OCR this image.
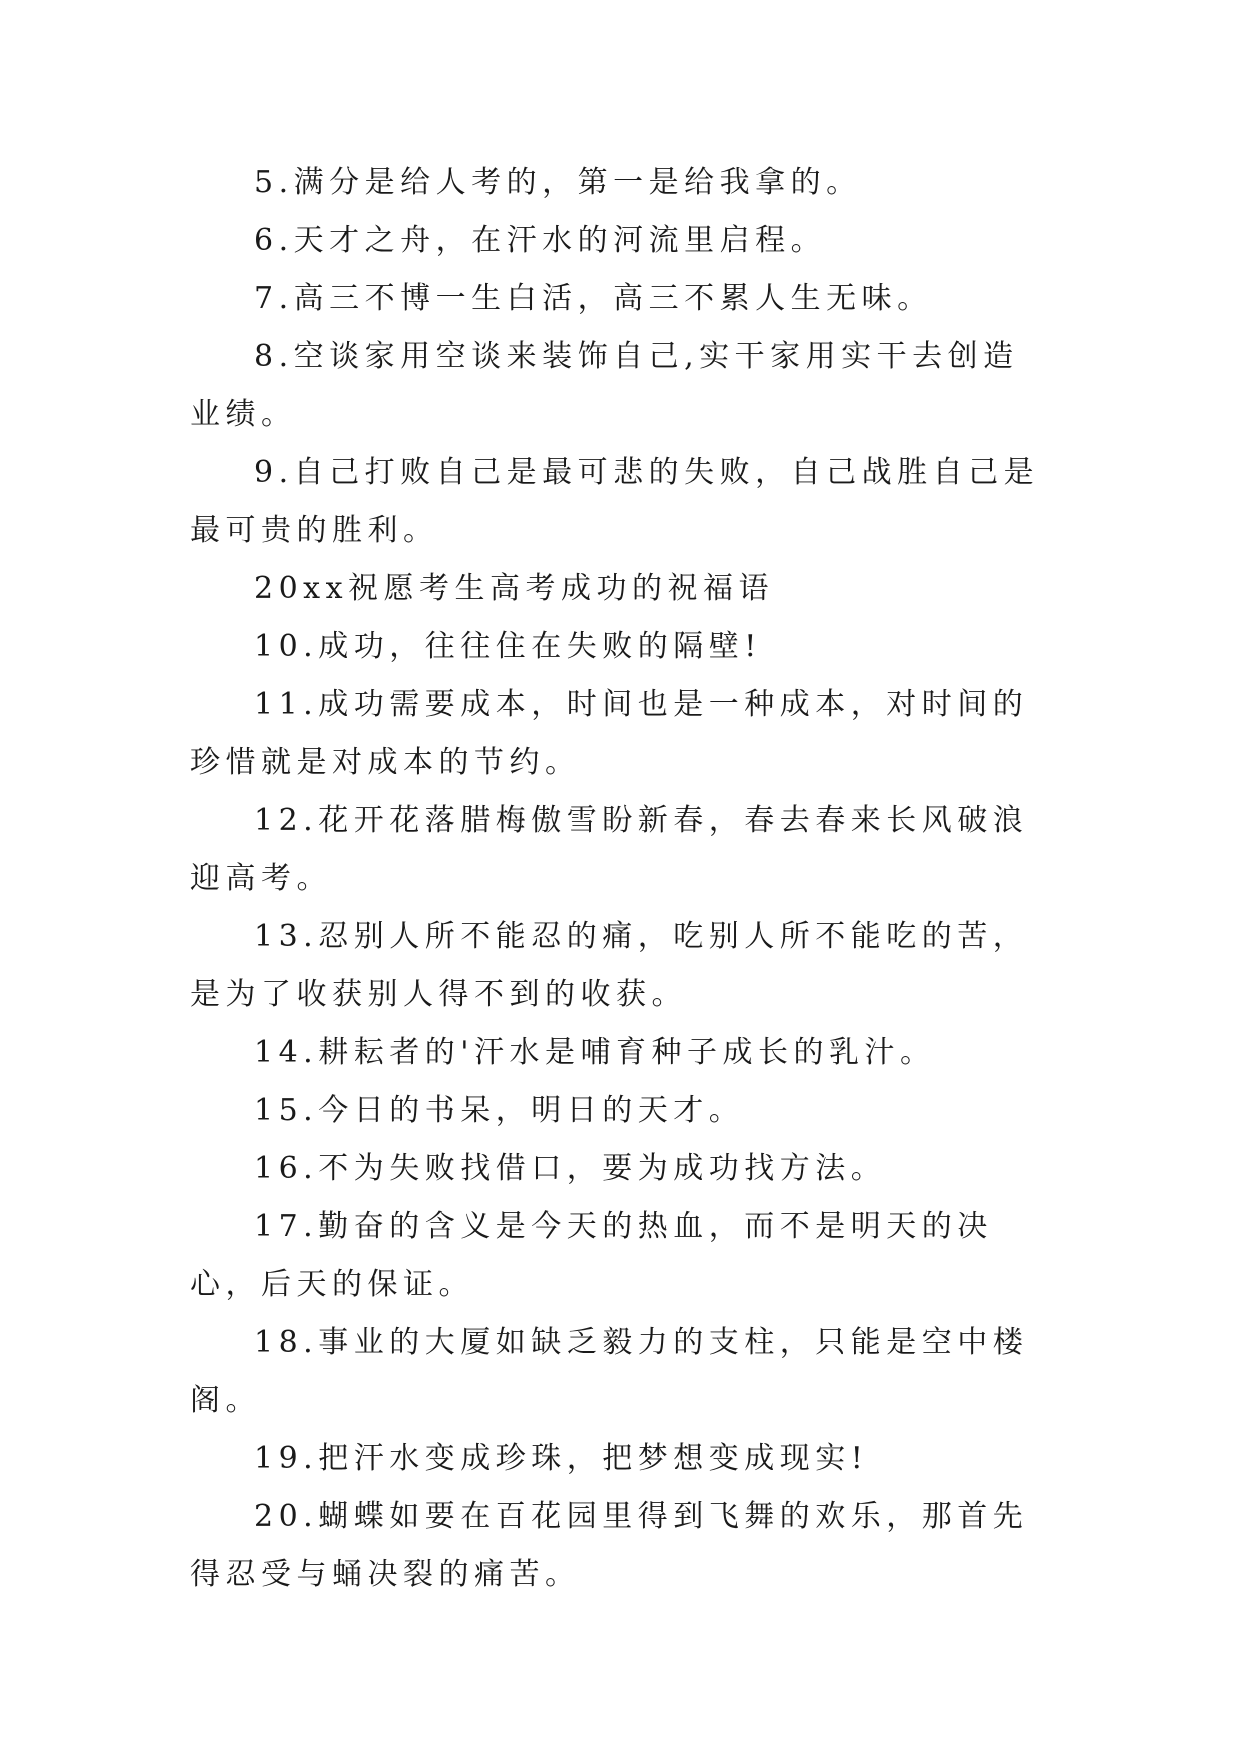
5.满分是给人考的，第一是给我拿的。

6.天才之舟，在汗水的河流里启程。

7.高三不博一生白活，高三不累人生无味。

8.空谈家用空谈来装饰自己,实干家用实干去创造业绩。

9.自己打败自己是最可悲的失败，自己战胜自己是最可贵的胜利。

20xx祝愿考生高考成功的祝福语

10.成功，往往住在失败的隔壁!

11.成功需要成本，时间也是一种成本，对时间的珍惜就是对成本的节约。

12.花开花落腊梅傲雪盼新春，春去春来长风破浪迎高考。

13.忍别人所不能忍的痛，吃别人所不能吃的苦，是为了收获别人得不到的收获。

14.耕耘者的'汗水是哺育种子成长的乳汁。

15.今日的书呆，明日的天才。

16.不为失败找借口，要为成功找方法。

17.勤奋的含义是今天的热血，而不是明天的决心，后天的保证。

18.事业的大厦如缺乏毅力的支柱，只能是空中楼阁。

19.把汗水变成珍珠，把梦想变成现实!

20.蝴蝶如要在百花园里得到飞舞的欢乐，那首先得忍受与蛹决裂的痛苦。
